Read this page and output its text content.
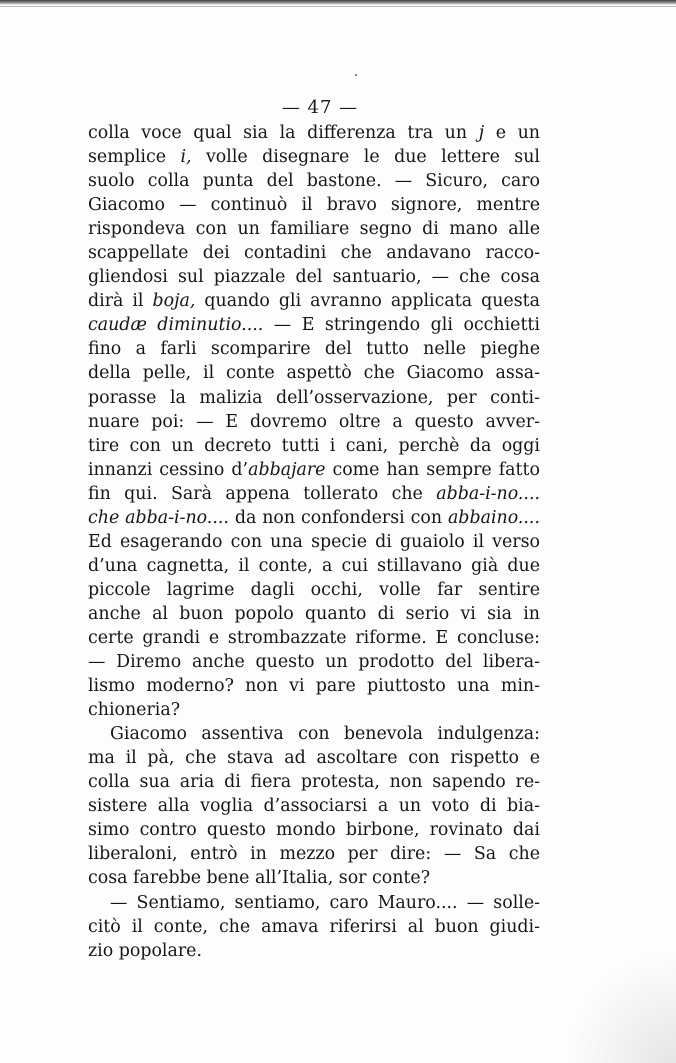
— 47 —
colla voce qual sia la differenza tra un j e un
semplice i, volle disegnare le due lettere sul
suolo colla punta del bastone. — Sicuro, caro
Giacomo — continuò il bravo signore, mentre
rispondeva con un familiare segno di mano alle
scappellate dei contadini che andavano racco-
gliendosi sul piazzale del santuario, — che cosa
dirà il boja, quando gli avranno applicata questa
caudæ diminutio.... — E stringendo gli occhietti
fino a farli scomparire del tutto nelle pieghe
della pelle, il conte aspettò che Giacomo assa-
porasse la malizia dell’osservazione, per conti-
nuare poi: — E dovremo oltre a questo avver-
tire con un decreto tutti i cani, perchè da oggi
innanzi cessino d’abbajare come han sempre fatto
fin qui. Sarà appena tollerato che abba-i-no....
che abba-i-no.... da non confondersi con abbaino....
Ed esagerando con una specie di guaiolo il verso
d’una cagnetta, il conte, a cui stillavano già due
piccole lagrime dagli occhi, volle far sentire
anche al buon popolo quanto di serio vi sia in
certe grandi e strombazzate riforme. E concluse:
— Diremo anche questo un prodotto del libera-
lismo moderno? non vi pare piuttosto una min-
chioneria?
Giacomo assentiva con benevola indulgenza:
ma il pà, che stava ad ascoltare con rispetto e
colla sua aria di fiera protesta, non sapendo re-
sistere alla voglia d’associarsi a un voto di bia-
simo contro questo mondo birbone, rovinato dai
liberaloni, entrò in mezzo per dire: — Sa che
cosa farebbe bene all’Italia, sor conte?
— Sentiamo, sentiamo, caro Mauro.... — solle-
citò il conte, che amava riferirsi al buon giudi-
zio popolare.
